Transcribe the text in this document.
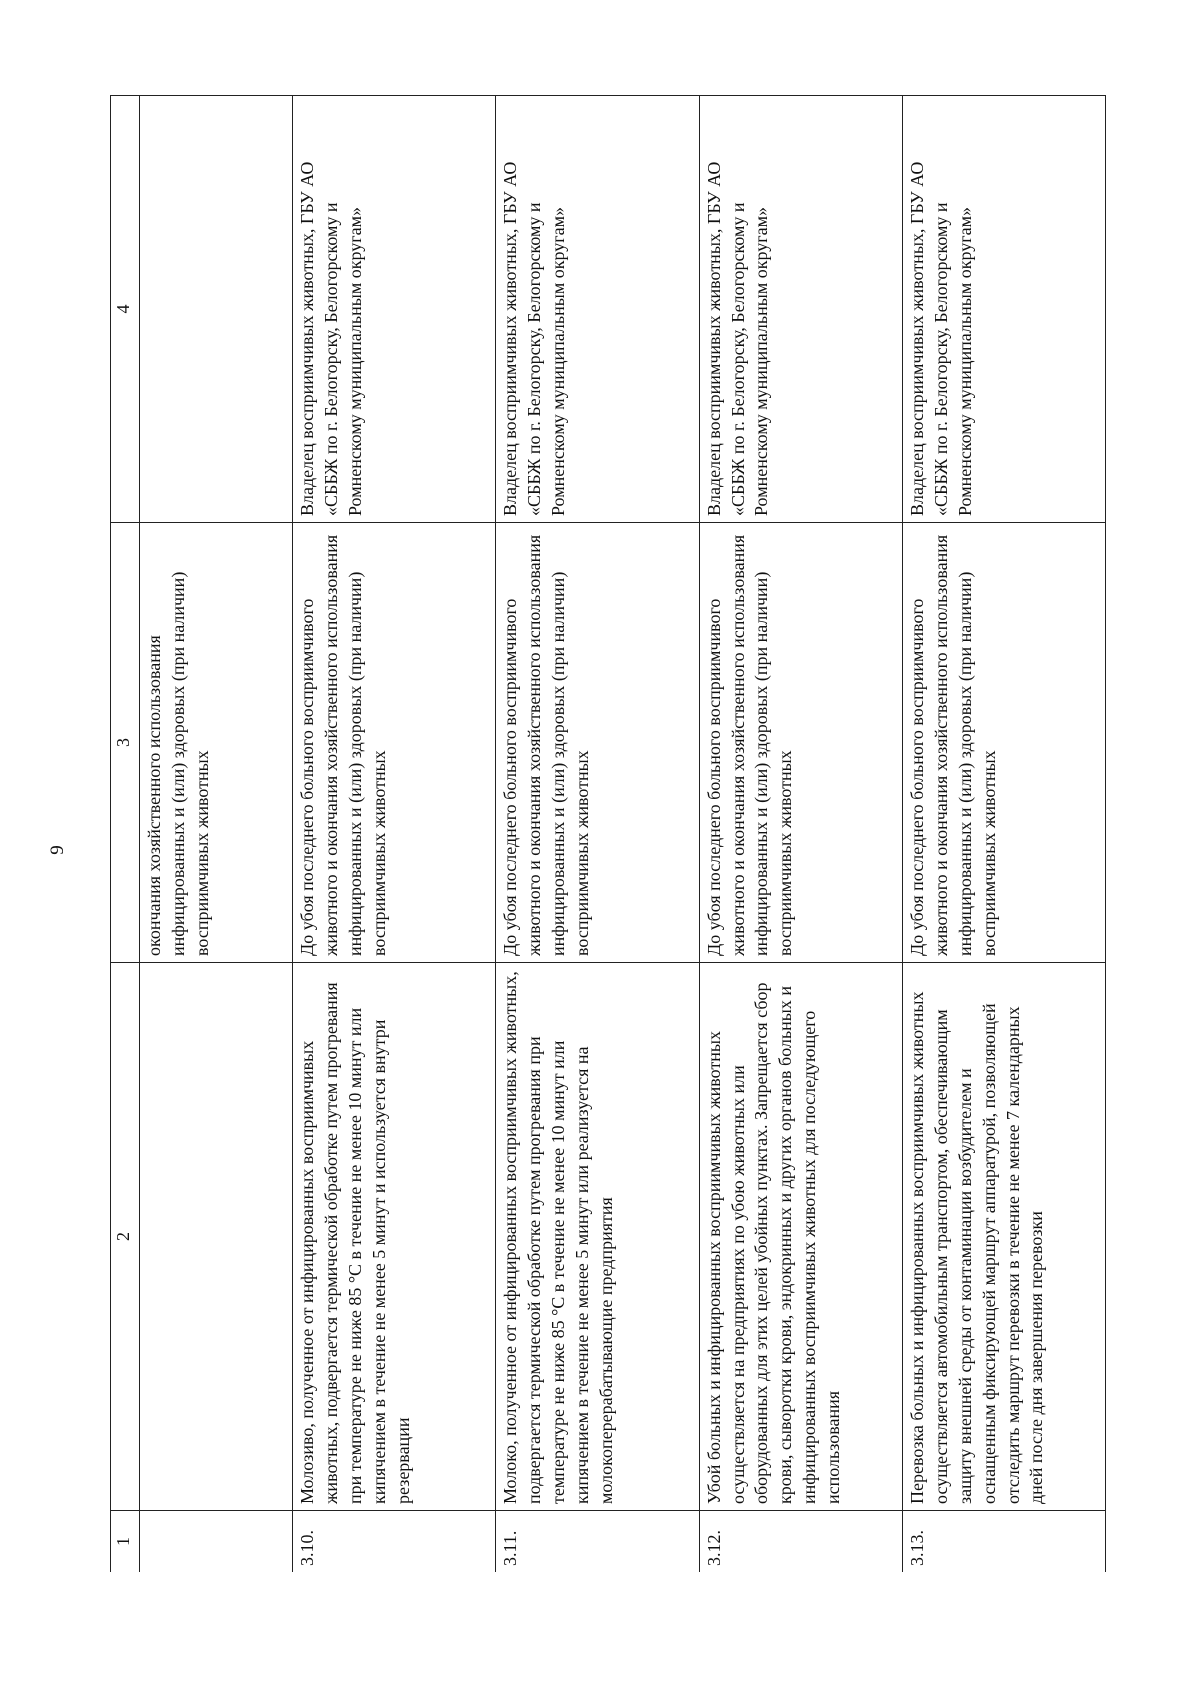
9
1	2	3	4
		окончания хозяйственного использования инфицированных и (или) здоровых (при наличии) восприимчивых животных	
3.10.	Молозиво, полученное от инфицированных восприимчивых животных, подвергается термической обработке путем прогревания при температуре не ниже 85 °С в течение не менее 10 минут или кипячением в течение не менее 5 минут и используется внутри резервации	До убоя последнего больного восприимчивого животного и окончания хозяйственного использования инфицированных и (или) здоровых (при наличии) восприимчивых животных	Владелец восприимчивых животных, ГБУ АО «СББЖ по г. Белогорску, Белогорскому и Ромненскому муниципальным округам»
3.11.	Молоко, полученное от инфицированных восприимчивых животных, подвергается термической обработке путем прогревания при температуре не ниже 85 °С в течение не менее 10 минут или кипячением в течение не менее 5 минут или реализуется на молокоперерабатывающие предприятия	До убоя последнего больного восприимчивого животного и окончания хозяйственного использования инфицированных и (или) здоровых (при наличии) восприимчивых животных	Владелец восприимчивых животных, ГБУ АО «СББЖ по г. Белогорску, Белогорскому и Ромненскому муниципальным округам»
3.12.	Убой больных и инфицированных восприимчивых животных осуществляется на предприятиях по убою животных или оборудованных для этих целей убойных пунктах. Запрещается сбор крови, сыворотки крови, эндокринных и других органов больных и инфицированных восприимчивых животных для последующего использования	До убоя последнего больного восприимчивого животного и окончания хозяйственного использования инфицированных и (или) здоровых (при наличии) восприимчивых животных	Владелец восприимчивых животных, ГБУ АО «СББЖ по г. Белогорску, Белогорскому и Ромненскому муниципальным округам»
3.13.	Перевозка больных и инфицированных восприимчивых животных осуществляется автомобильным транспортом, обеспечивающим защиту внешней среды от контаминации возбудителем и оснащенным фиксирующей маршрут аппаратурой, позволяющей отследить маршрут перевозки в течение не менее 7 календарных дней после дня завершения перевозки	До убоя последнего больного восприимчивого животного и окончания хозяйственного использования инфицированных и (или) здоровых (при наличии) восприимчивых животных	Владелец восприимчивых животных, ГБУ АО «СББЖ по г. Белогорску, Белогорскому и Ромненскому муниципальным округам»
